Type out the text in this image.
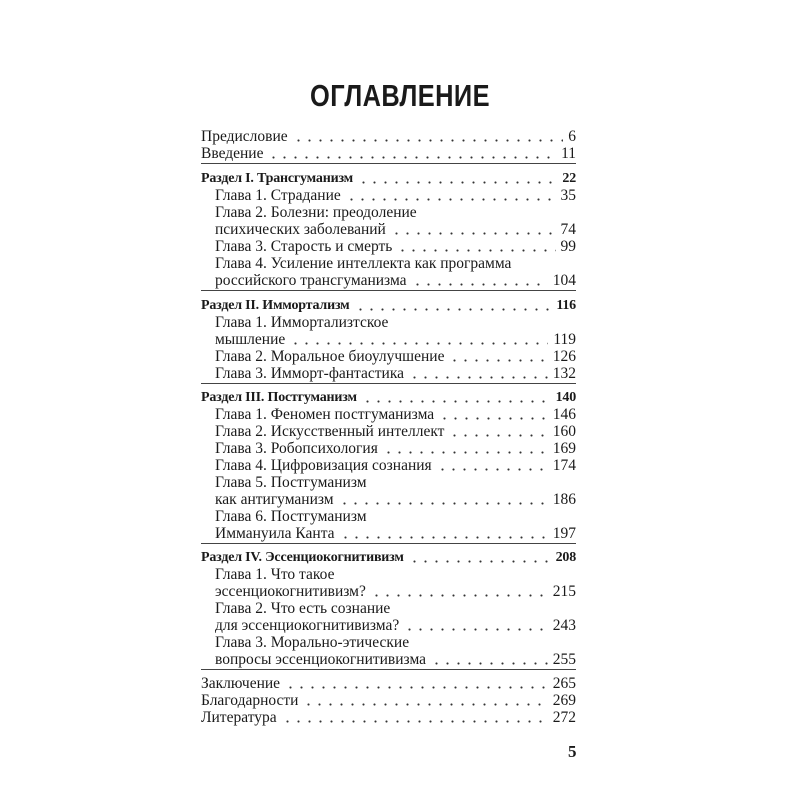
ОГЛАВЛЕНИЕ
Предисловие	6
Введение	11
Раздел I. Трансгуманизм	22
Глава 1. Страдание	35
Глава 2. Болезни: преодоление
психических заболеваний	74
Глава 3. Старость и смерть	99
Глава 4. Усиление интеллекта как программа
российского трансгуманизма	104
Раздел II. Иммортализм	116
Глава 1. Иммортализтское
мышление	119
Глава 2. Моральное биоулучшение	126
Глава 3. Имморт-фантастика	132
Раздел III. Постгуманизм	140
Глава 1. Феномен постгуманизма	146
Глава 2. Искусственный интеллект	160
Глава 3. Робопсихология	169
Глава 4. Цифровизация сознания	174
Глава 5. Постгуманизм
как антигуманизм	186
Глава 6. Постгуманизм
Иммануила Канта	197
Раздел IV. Эссенциокогнитивизм	208
Глава 1. Что такое
эссенциокогнитивизм?	215
Глава 2. Что есть сознание
для эссенциокогнитивизма?	243
Глава 3. Морально-этические
вопросы эссенциокогнитивизма	255
Заключение	265
Благодарности	269
Литература	272
5
